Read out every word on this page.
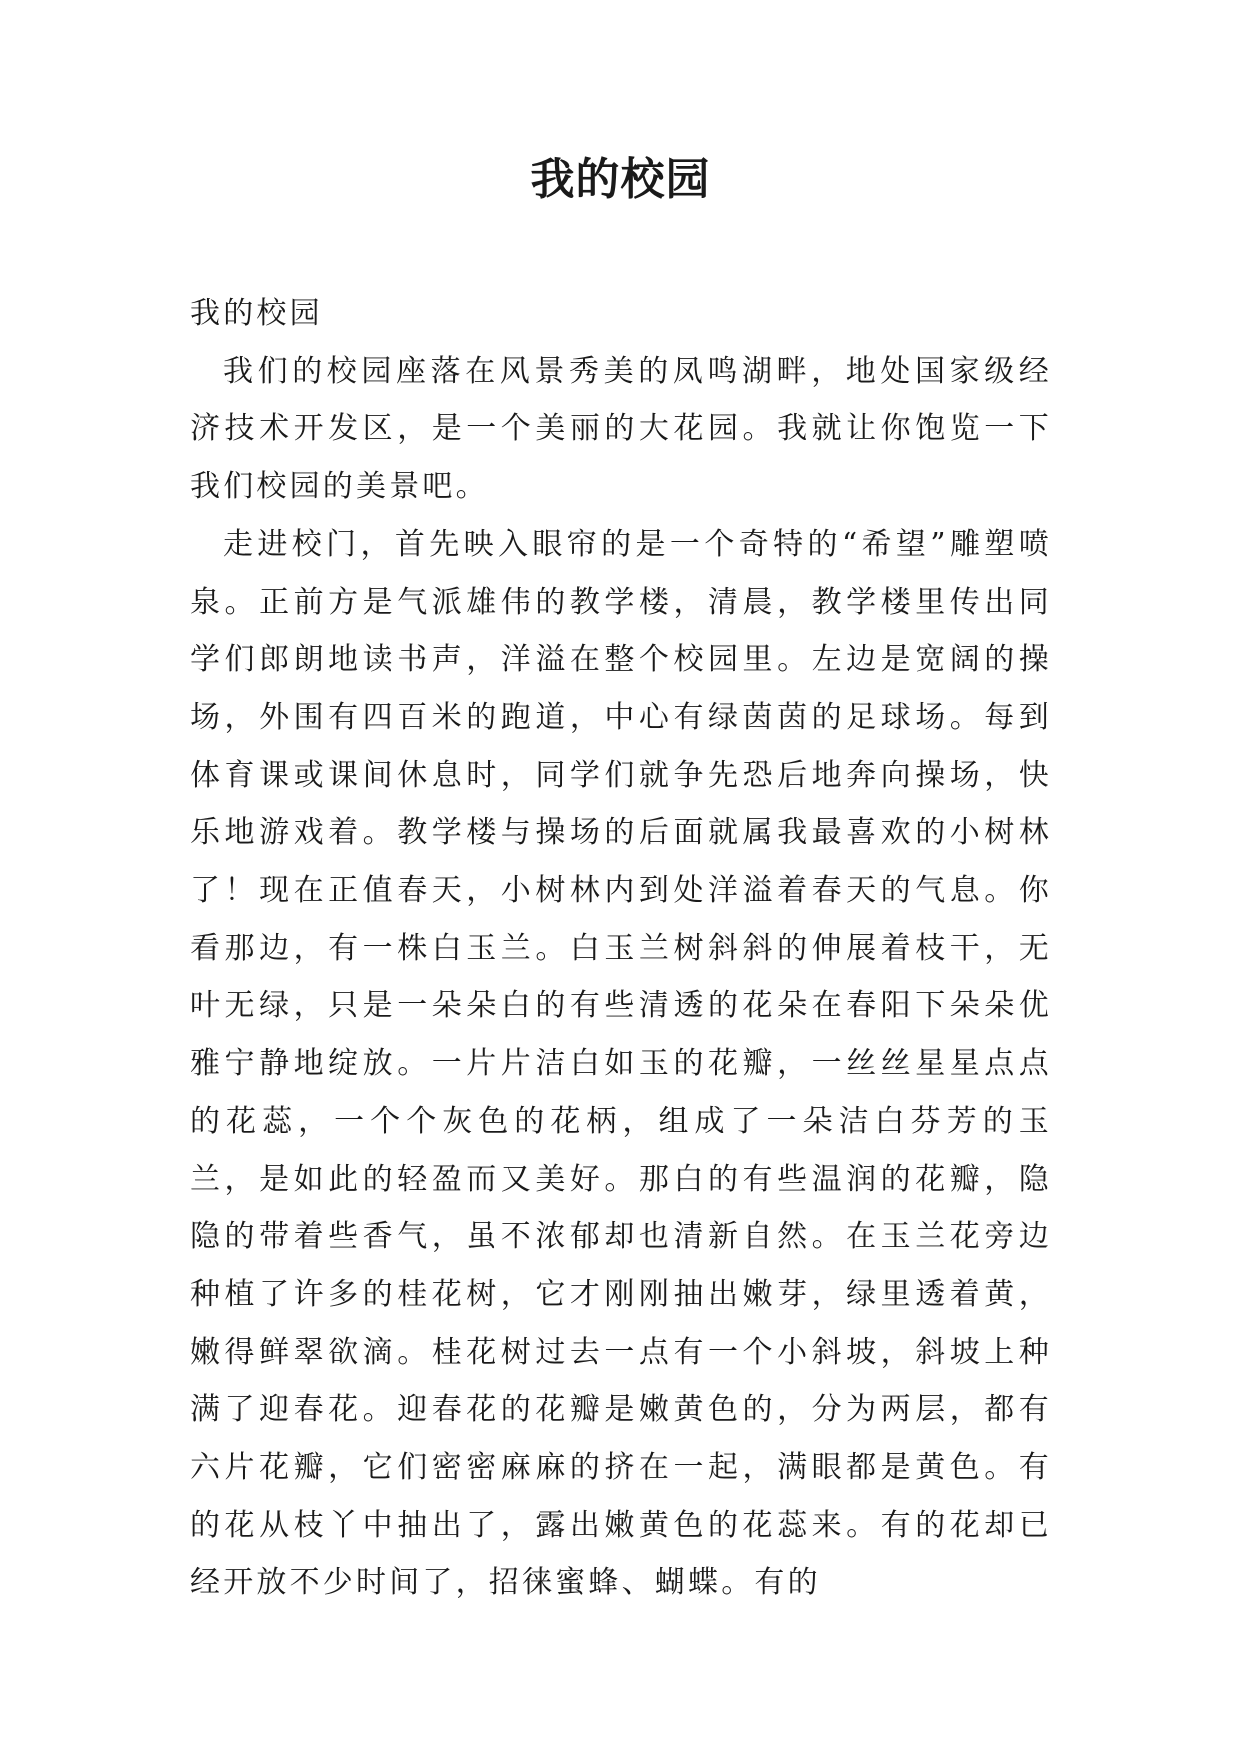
我的校园

我的校园

我们的校园座落在风景秀美的凤鸣湖畔，地处国家级经济技术开发区，是一个美丽的大花园。我就让你饱览一下我们校园的美景吧。

走进校门，首先映入眼帘的是一个奇特的“希望”雕塑喷泉。正前方是气派雄伟的教学楼，清晨，教学楼里传出同学们郎朗地读书声，洋溢在整个校园里。左边是宽阔的操场，外围有四百米的跑道，中心有绿茵茵的足球场。每到体育课或课间休息时，同学们就争先恐后地奔向操场，快乐地游戏着。教学楼与操场的后面就属我最喜欢的小树林了！现在正值春天，小树林内到处洋溢着春天的气息。你看那边，有一株白玉兰。白玉兰树斜斜的伸展着枝干，无叶无绿，只是一朵朵白的有些清透的花朵在春阳下朵朵优雅宁静地绽放。一片片洁白如玉的花瓣，一丝丝星星点点的花蕊，一个个灰色的花柄，组成了一朵洁白芬芳的玉兰，是如此的轻盈而又美好。那白的有些温润的花瓣，隐隐的带着些香气，虽不浓郁却也清新自然。在玉兰花旁边种植了许多的桂花树，它才刚刚抽出嫩芽，绿里透着黄，嫩得鲜翠欲滴。桂花树过去一点有一个小斜坡，斜坡上种满了迎春花。迎春花的花瓣是嫩黄色的，分为两层，都有六片花瓣，它们密密麻麻的挤在一起，满眼都是黄色。有的花从枝丫中抽出了，露出嫩黄色的花蕊来。有的花却已经开放不少时间了，招徕蜜蜂、蝴蝶。有的
